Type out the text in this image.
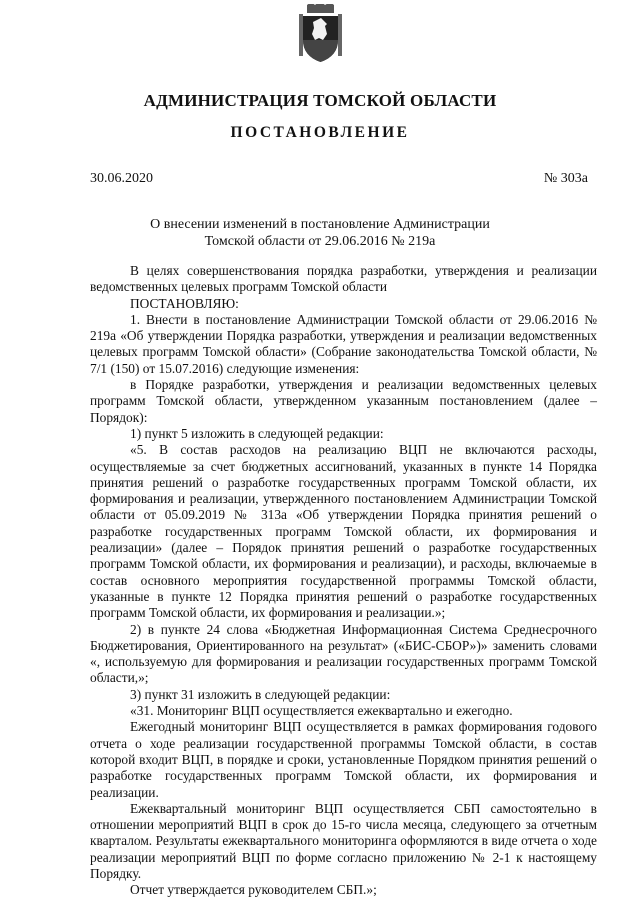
АДМИНИСТРАЦИЯ ТОМСКОЙ ОБЛАСТИ
ПОСТАНОВЛЕНИЕ
30.06.2020	№ 303а
О внесении изменений в постановление Администрации
Томской области от 29.06.2016 № 219а

В целях совершенствования порядка разработки, утверждения и реализации ведомственных целевых программ Томской области

ПОСТАНОВЛЯЮ:

1. Внести в постановление Администрации Томской области от 29.06.2016 № 219а «Об утверждении Порядка разработки, утверждения и реализации ведомственных целевых программ Томской области» (Собрание законодательства Томской области, № 7/1 (150) от 15.07.2016) следующие изменения:

в Порядке разработки, утверждения и реализации ведомственных целевых программ Томской области, утвержденном указанным постановлением (далее – Порядок):

1) пункт 5 изложить в следующей редакции:

«5. В состав расходов на реализацию ВЦП не включаются расходы, осуществляемые за счет бюджетных ассигнований, указанных в пункте 14 Порядка принятия решений о разработке государственных программ Томской области, их формирования и реализации, утвержденного постановлением Администрации Томской области от 05.09.2019 № 313а «Об утверждении Порядка принятия решений о разработке государственных программ Томской области, их формирования и реализации» (далее – Порядок принятия решений о разработке государственных программ Томской области, их формирования и реализации), и расходы, включаемые в состав основного мероприятия государственной программы Томской области, указанные в пункте 12 Порядка принятия решений о разработке государственных программ Томской области, их формирования и реализации.»;

2) в пункте 24 слова «Бюджетная Информационная Система Среднесрочного Бюджетирования, Ориентированного на результат» («БИС-СБОР»)» заменить словами «, используемую для формирования и реализации государственных программ Томской области,»;

3) пункт 31 изложить в следующей редакции:

«31. Мониторинг ВЦП осуществляется ежеквартально и ежегодно.

Ежегодный мониторинг ВЦП осуществляется в рамках формирования годового отчета о ходе реализации государственной программы Томской области, в состав которой входит ВЦП, в порядке и сроки, установленные Порядком принятия решений о разработке государственных программ Томской области, их формирования и реализации.

Ежеквартальный мониторинг ВЦП осуществляется СБП самостоятельно в отношении мероприятий ВЦП в срок до 15-го числа месяца, следующего за отчетным кварталом. Результаты ежеквартального мониторинга оформляются в виде отчета о ходе реализации мероприятий ВЦП по форме согласно приложению № 2-1 к настоящему Порядку.

Отчет утверждается руководителем СБП.»;
